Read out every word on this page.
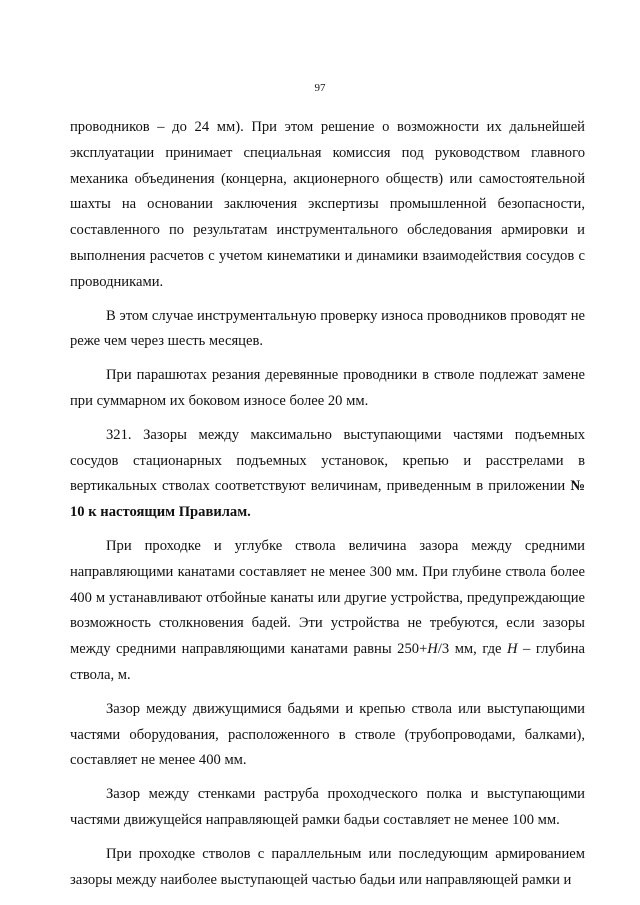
97

проводников – до 24 мм). При этом решение о возможности их дальнейшей эксплуатации принимает специальная комиссия под руководством главного механика объединения (концерна, акционерного обществ) или самостоятельной шахты на основании заключения экспертизы промышленной безопасности, составленного по результатам инструментального обследования армировки и выполнения расчетов с учетом кинематики и динамики взаимодействия сосудов с проводниками.

В этом случае инструментальную проверку износа проводников проводят не реже чем через шесть месяцев.

При парашютах резания деревянные проводники в стволе подлежат замене при суммарном их боковом износе более 20 мм.

321. Зазоры между максимально выступающими частями подъемных сосудов стационарных подъемных установок, крепью и расстрелами в вертикальных стволах соответствуют величинам, приведенным в приложении № 10 к настоящим Правилам.

При проходке и углубке ствола величина зазора между средними направляющими канатами составляет не менее 300 мм. При глубине ствола более 400 м устанавливают отбойные канаты или другие устройства, предупреждающие возможность столкновения бадей. Эти устройства не требуются, если зазоры между средними направляющими канатами равны 250+H/3 мм, где H – глубина ствола, м.

Зазор между движущимися бадьями и крепью ствола или выступающими частями оборудования, расположенного в стволе (трубопроводами, балками), составляет не менее 400 мм.

Зазор между стенками раструба проходческого полка и выступающими частями движущейся направляющей рамки бадьи составляет не менее 100 мм.

При проходке стволов с параллельным или последующим армированием зазоры между наиболее выступающей частью бадьи или направляющей рамки и
